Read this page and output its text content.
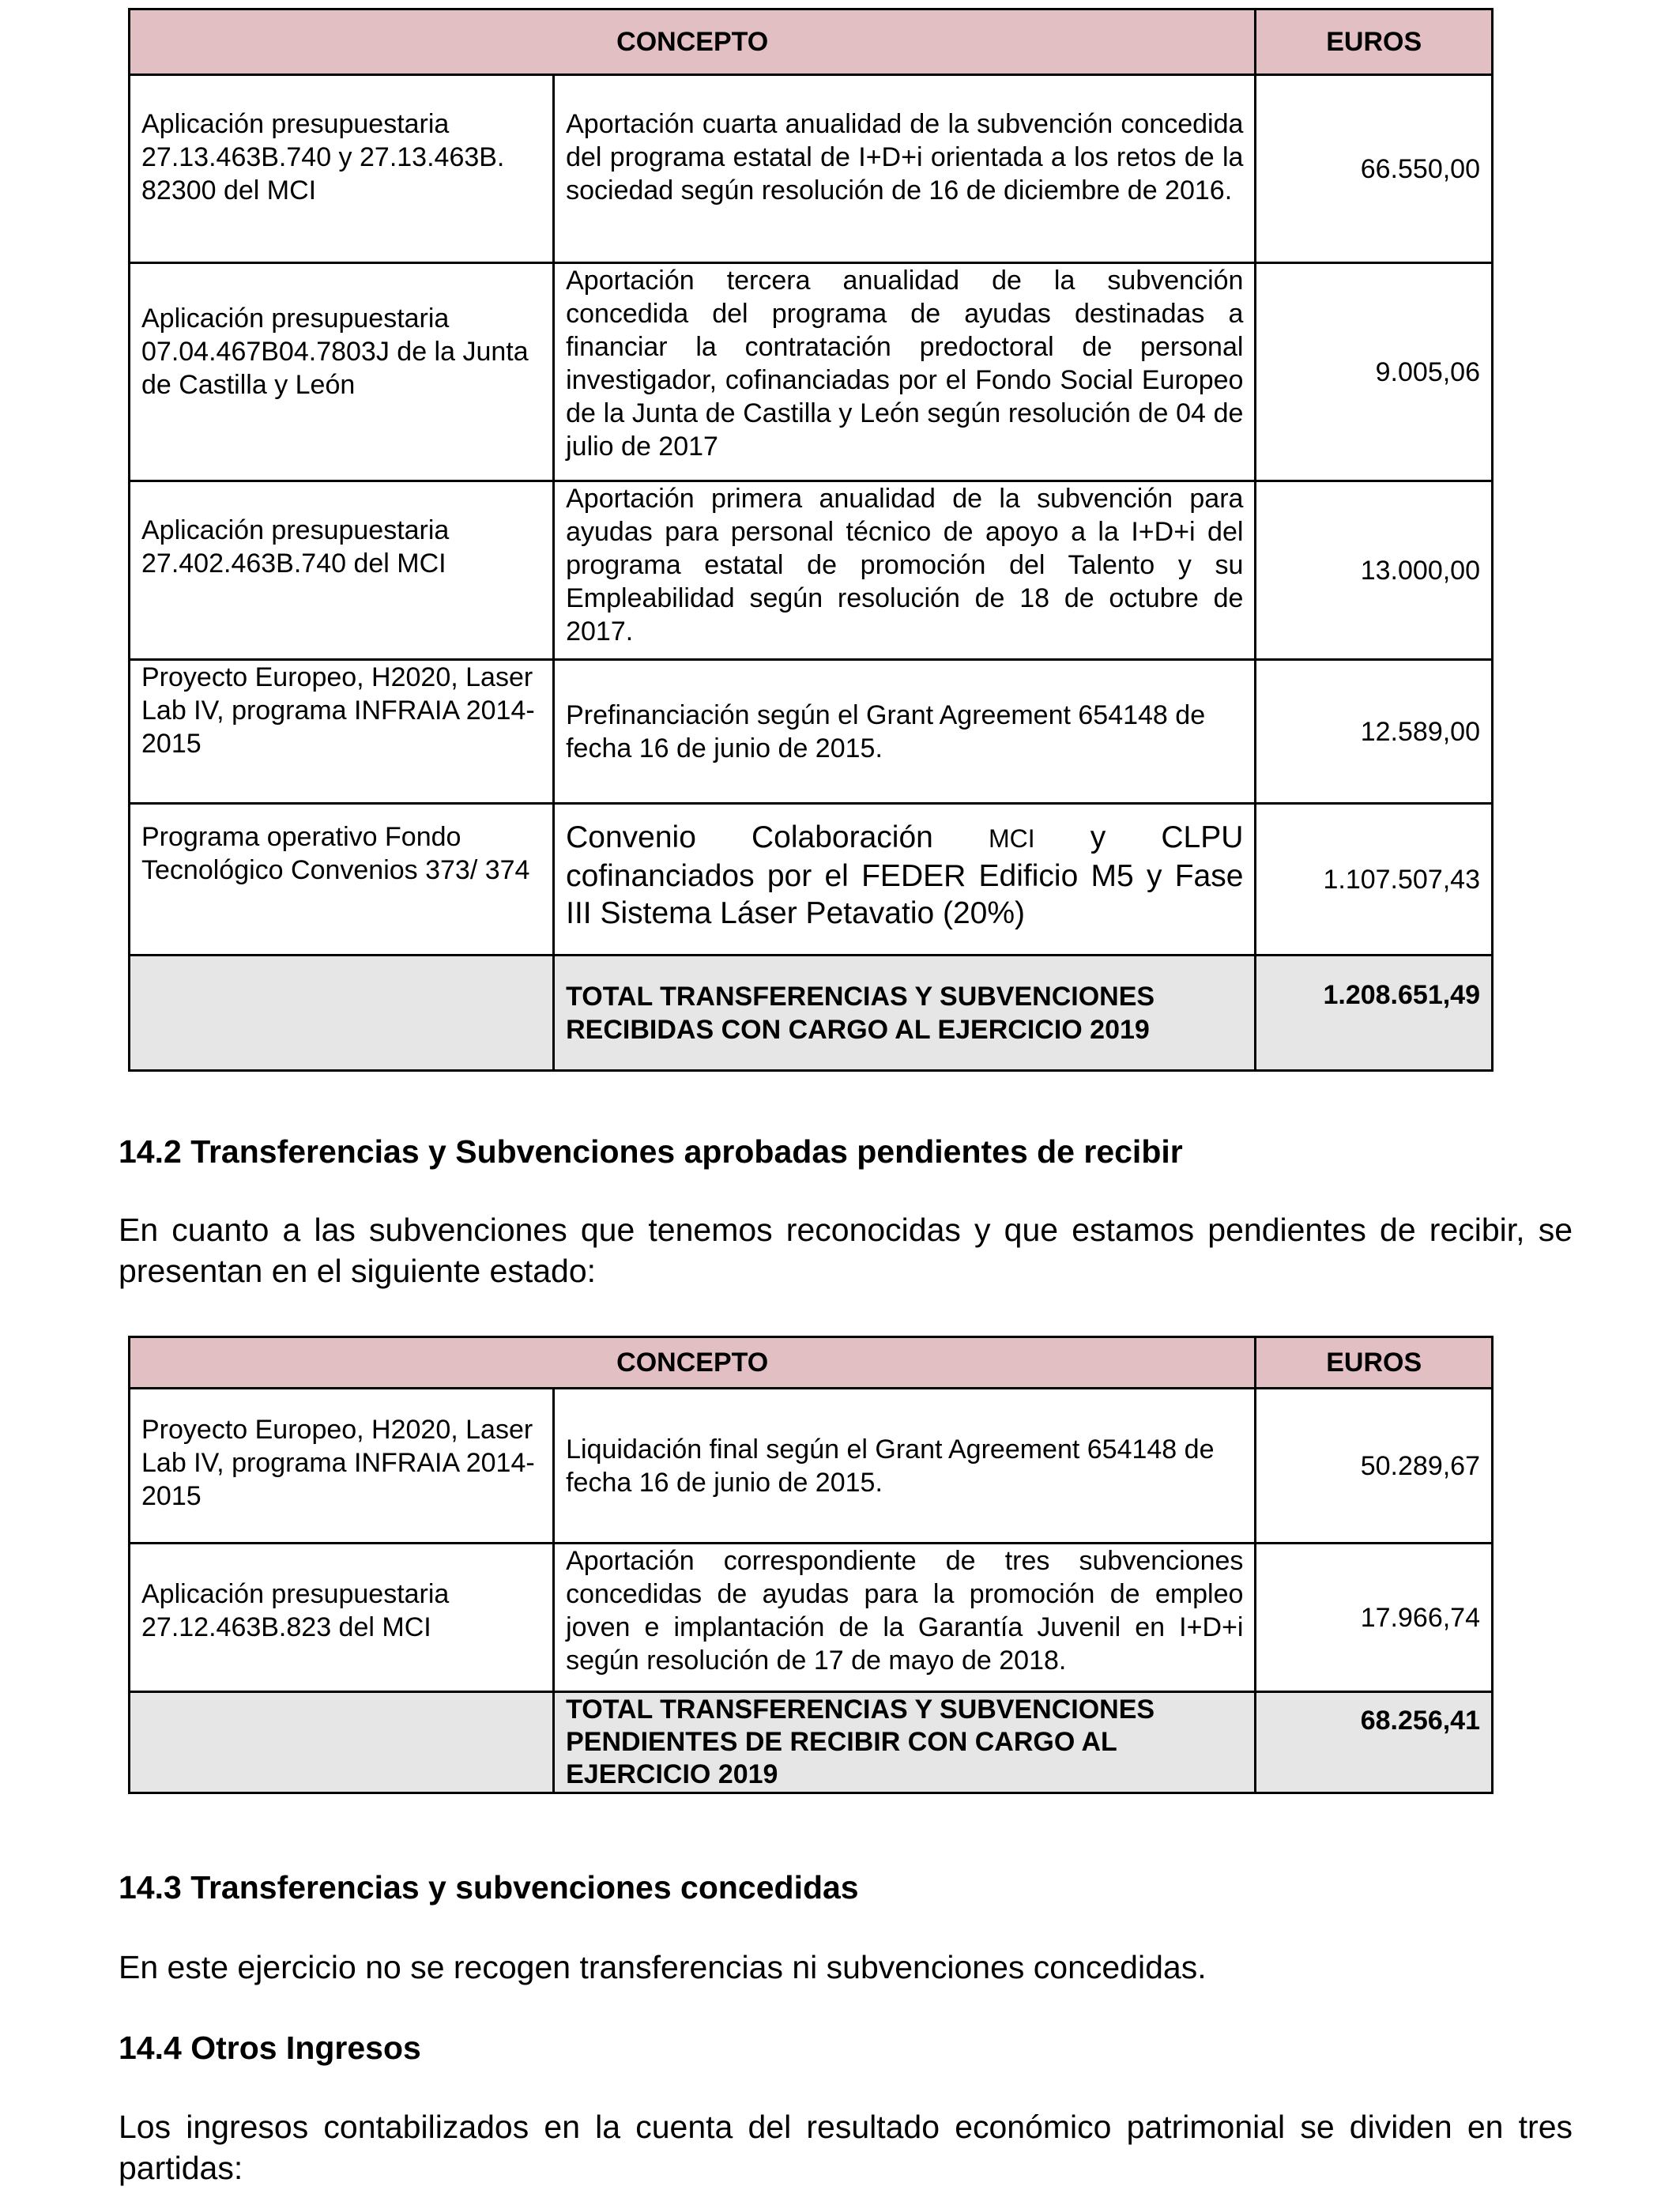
CONCEPTO		EUROS
Aplicación presupuestaria 27.13.463B.740 y 27.13.463B. 82300 del MCI	Aportación cuarta anualidad de la subvención concedida del programa estatal de I+D+i orientada a los retos de la sociedad según resolución de 16 de diciembre de 2016.	66.550,00
Aplicación presupuestaria 07.04.467B04.7803J de la Junta de Castilla y León	Aportación tercera anualidad de la subvención concedida del programa de ayudas destinadas a financiar la contratación predoctoral de personal investigador, cofinanciadas por el Fondo Social Europeo de la Junta de Castilla y León según resolución de 04 de julio de 2017	9.005,06
Aplicación presupuestaria 27.402.463B.740 del MCI	Aportación primera anualidad de la subvención para ayudas para personal técnico de apoyo a la I+D+i del programa estatal de promoción del Talento y su Empleabilidad según resolución de 18 de octubre de 2017.	13.000,00
Proyecto Europeo, H2020, Laser Lab IV, programa INFRAIA 2014-2015	Prefinanciación según el Grant Agreement 654148 de fecha 16 de junio de 2015.	12.589,00
Programa operativo Fondo Tecnológico Convenios 373/ 374	Convenio Colaboración MCI y CLPU cofinanciados por el FEDER Edificio M5 y Fase III Sistema Láser Petavatio (20%)	1.107.507,43
	TOTAL TRANSFERENCIAS Y SUBVENCIONES RECIBIDAS CON CARGO AL EJERCICIO 2019	1.208.651,49
14.2 Transferencias y Subvenciones aprobadas pendientes de recibir

En cuanto a las subvenciones que tenemos reconocidas y que estamos pendientes de recibir, se presentan en el siguiente estado:

CONCEPTO		EUROS
Proyecto Europeo, H2020, Laser Lab IV, programa INFRAIA 2014-2015	Liquidación final según el Grant Agreement 654148 de fecha 16 de junio de 2015.	50.289,67
Aplicación presupuestaria 27.12.463B.823 del MCI	Aportación correspondiente de tres subvenciones concedidas de ayudas para la promoción de empleo joven e implantación de la Garantía Juvenil en I+D+i según resolución de 17 de mayo de 2018.	17.966,74
	TOTAL TRANSFERENCIAS Y SUBVENCIONES PENDIENTES DE RECIBIR CON CARGO AL EJERCICIO 2019	68.256,41
14.3 Transferencias y subvenciones concedidas

En este ejercicio no se recogen transferencias ni subvenciones concedidas.

14.4 Otros Ingresos

Los ingresos contabilizados en la cuenta del resultado económico patrimonial se dividen en tres partidas:
